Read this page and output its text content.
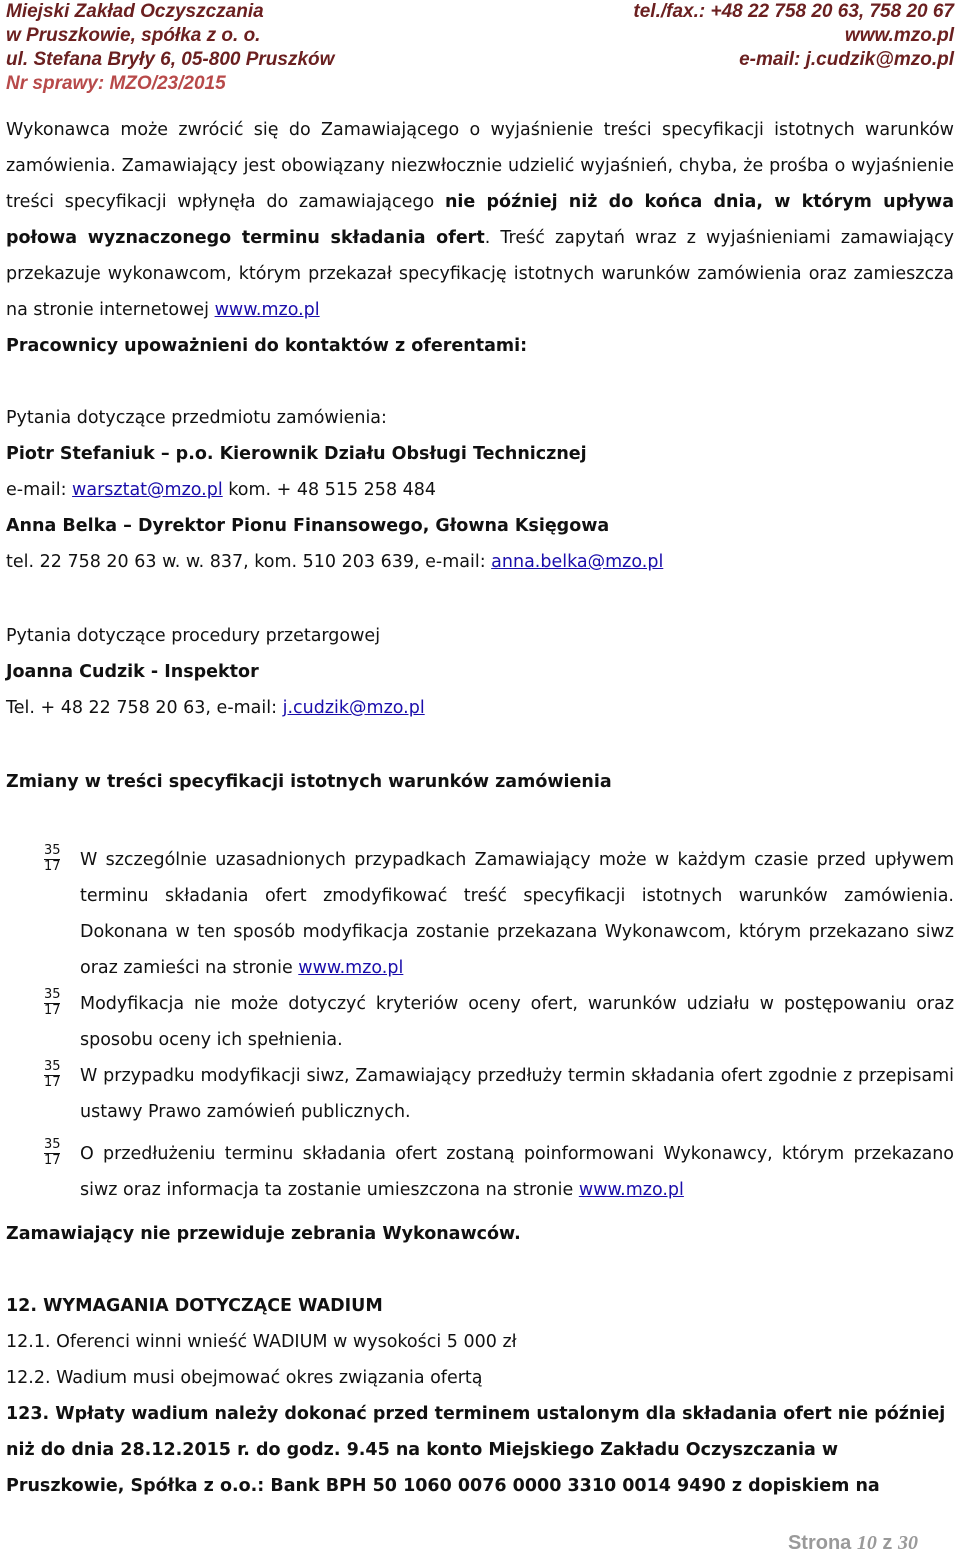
Miejski Zakład Oczyszczania	tel./fax.: +48 22 758 20 63, 758 20 67
w Pruszkowie, spółka z o. o.	www.mzo.pl
ul. Stefana Bryły 6, 05-800 Pruszków	e-mail: j.cudzik@mzo.pl
Nr sprawy: MZO/23/2015

Wykonawca może zwrócić się do Zamawiającego o wyjaśnienie treści specyfikacji istotnych warunków zamówienia. Zamawiający jest obowiązany niezwłocznie udzielić wyjaśnień, chyba, że prośba o wyjaśnienie treści specyfikacji wpłynęła do zamawiającego nie później niż do końca dnia, w którym upływa połowa wyznaczonego terminu składania ofert. Treść zapytań wraz z wyjaśnieniami zamawiający przekazuje wykonawcom, którym przekazał specyfikację istotnych warunków zamówienia oraz zamieszcza na stronie internetowej www.mzo.pl

Pracownicy upoważnieni do kontaktów z oferentami:

Pytania dotyczące przedmiotu zamówienia:

Piotr Stefaniuk – p.o. Kierownik Działu Obsługi Technicznej

e-mail: warsztat@mzo.pl kom. + 48 515 258 484

Anna Belka – Dyrektor Pionu Finansowego, Głowna Księgowa

tel. 22 758 20 63 w. w. 837, kom. 510 203 639, e-mail: anna.belka@mzo.pl

Pytania dotyczące procedury przetargowej

Joanna Cudzik - Inspektor

Tel. + 48 22 758 20 63, e-mail: j.cudzik@mzo.pl

Zmiany w treści specyfikacji istotnych warunków zamówienia

35
17 W szczególnie uzasadnionych przypadkach Zamawiający może w każdym czasie przed upływem terminu składania ofert zmodyfikować treść specyfikacji istotnych warunków zamówienia. Dokonana w ten sposób modyfikacja zostanie przekazana Wykonawcom, którym przekazano siwz oraz zamieści na stronie www.mzo.pl
35
17 Modyfikacja nie może dotyczyć kryteriów oceny ofert, warunków udziału w postępowaniu oraz sposobu oceny ich spełnienia.
35
17 W przypadku modyfikacji siwz, Zamawiający przedłuży termin składania ofert zgodnie z przepisami ustawy Prawo zamówień publicznych.
35
17 O przedłużeniu terminu składania ofert zostaną poinformowani Wykonawcy, którym przekazano siwz oraz informacja ta zostanie umieszczona na stronie www.mzo.pl

Zamawiający nie przewiduje zebrania Wykonawców.

12. WYMAGANIA DOTYCZĄCE WADIUM

12.1. Oferenci winni wnieść WADIUM w wysokości 5 000 zł

12.2. Wadium musi obejmować okres związania ofertą

123. Wpłaty wadium należy dokonać przed terminem ustalonym dla składania ofert nie później niż do dnia 28.12.2015 r. do godz. 9.45 na konto Miejskiego Zakładu Oczyszczania w Pruszkowie, Spółka z o.o.: Bank BPH 50 1060 0076 0000 3310 0014 9490 z dopiskiem na

Strona 10 z 30
